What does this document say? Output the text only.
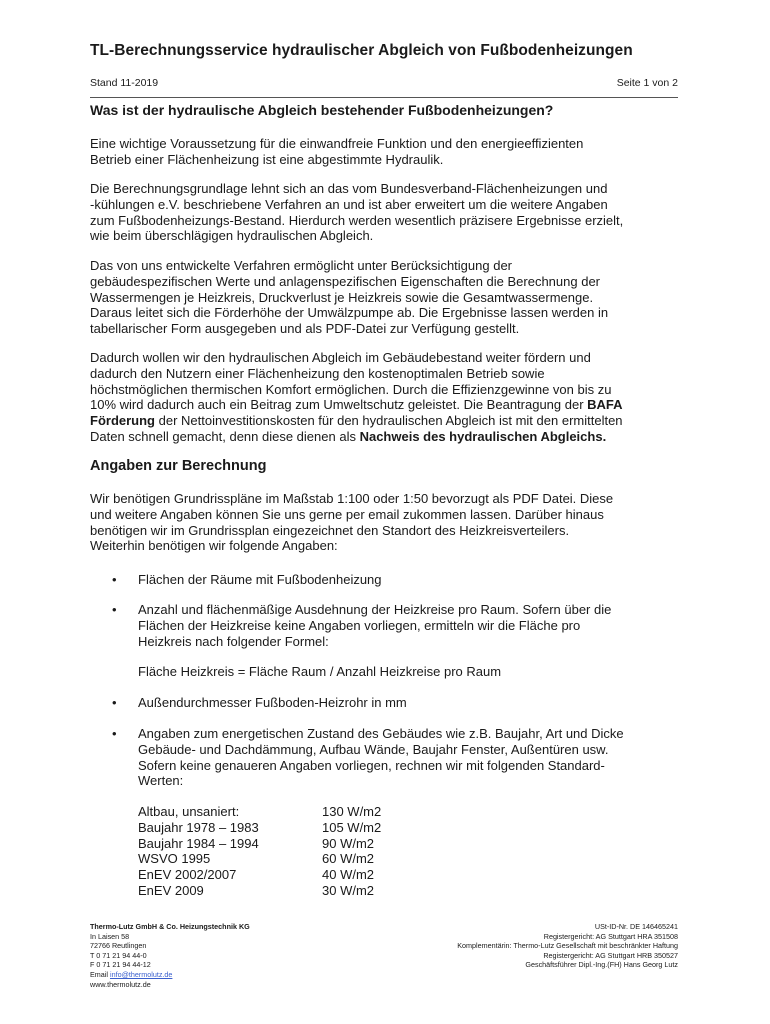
TL-Berechnungsservice hydraulischer Abgleich von Fußbodenheizungen
Stand 11-2019	Seite 1 von 2
Was ist der hydraulische Abgleich bestehender Fußbodenheizungen?

Eine wichtige Voraussetzung für die einwandfreie Funktion und den energieeffizienten

Betrieb einer Flächenheizung ist eine abgestimmte Hydraulik.

Die Berechnungsgrundlage lehnt sich an das vom Bundesverband-Flächenheizungen und

-kühlungen e.V. beschriebene Verfahren an und ist aber erweitert um die weitere Angaben

zum Fußbodenheizungs-Bestand. Hierdurch werden wesentlich präzisere Ergebnisse erzielt,

wie beim überschlägigen hydraulischen Abgleich.

Das von uns entwickelte Verfahren ermöglicht unter Berücksichtigung der

gebäudespezifischen Werte und anlagenspezifischen Eigenschaften die Berechnung der

Wassermengen je Heizkreis, Druckverlust je Heizkreis sowie die Gesamtwassermenge.

Daraus leitet sich die Förderhöhe der Umwälzpumpe ab. Die Ergebnisse lassen werden in

tabellarischer Form ausgegeben und als PDF-Datei zur Verfügung gestellt.

Dadurch wollen wir den hydraulischen Abgleich im Gebäudebestand weiter fördern und

dadurch den Nutzern einer Flächenheizung den kostenoptimalen Betrieb sowie

höchstmöglichen thermischen Komfort ermöglichen. Durch die Effizienzgewinne von bis zu

10% wird dadurch auch ein Beitrag zum Umweltschutz geleistet. Die Beantragung der BAFA

Förderung der Nettoinvestitionskosten für den hydraulischen Abgleich ist mit den ermittelten

Daten schnell gemacht, denn diese dienen als Nachweis des hydraulischen Abgleichs.

Angaben zur Berechnung

Wir benötigen Grundrisspläne im Maßstab 1:100 oder 1:50 bevorzugt als PDF Datei. Diese

und weitere Angaben können Sie uns gerne per email zukommen lassen. Darüber hinaus

benötigen wir im Grundrissplan eingezeichnet den Standort des Heizkreisverteilers.

Weiterhin benötigen wir folgende Angaben:

•	Flächen der Räume mit Fußbodenheizung

•	Anzahl und flächenmäßige Ausdehnung der Heizkreise pro Raum. Sofern über die

Flächen der Heizkreise keine Angaben vorliegen, ermitteln wir die Fläche pro

Heizkreis nach folgender Formel:

Fläche Heizkreis = Fläche Raum / Anzahl Heizkreise pro Raum

•	Außendurchmesser Fußboden-Heizrohr in mm

•	Angaben zum energetischen Zustand des Gebäudes wie z.B. Baujahr, Art und Dicke

Gebäude- und Dachdämmung, Aufbau Wände, Baujahr Fenster, Außentüren usw.

Sofern keine genaueren Angaben vorliegen, rechnen wir mit folgenden Standard-

Werten:

Altbau, unsaniert:	130 W/m2
Baujahr 1978 – 1983	105 W/m2
Baujahr 1984 – 1994	90 W/m2
WSVO 1995	60 W/m2
EnEV 2002/2007	40 W/m2
EnEV 2009	30 W/m2

Thermo-Lutz GmbH & Co. Heizungstechnik KG

In Laisen 58

72766 Reutlingen

T 0 71 21 94 44-0

F 0 71 21 94 44-12

Email info@thermolutz.de

www.thermolutz.de

USt-ID-Nr. DE 146465241

Registergericht: AG Stuttgart HRA 351508

Komplementärin: Thermo-Lutz Gesellschaft mit beschränkter Haftung

Registergericht: AG Stuttgart HRB 350527

Geschäftsführer Dipl.-Ing.(FH) Hans Georg Lutz
